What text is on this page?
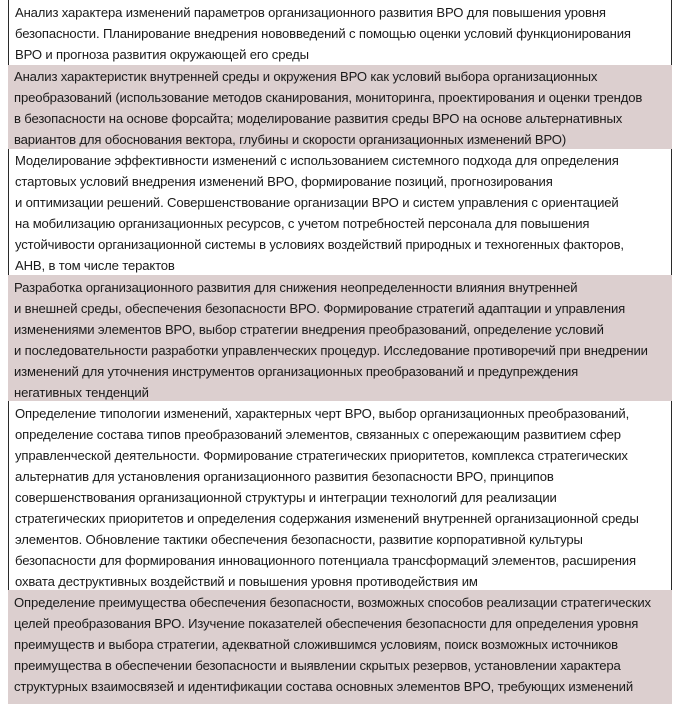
Анализ характера изменений параметров организационного развития ВРО для повышения уровня
безопасности. Планирование внедрения нововведений с помощью оценки условий функционирования
ВРО и прогноза развития окружающей его среды
Анализ характеристик внутренней среды и окружения ВРО как условий выбора организационных
преобразований (использование методов сканирования, мониторинга, проектирования и оценки трендов
в безопасности на основе форсайта; моделирование развития среды ВРО на основе альтернативных
вариантов для обоснования вектора, глубины и скорости организационных изменений ВРО)
Моделирование эффективности изменений с использованием системного подхода для определения
стартовых условий внедрения изменений ВРО, формирование позиций, прогнозирования
и оптимизации решений. Совершенствование организации ВРО и систем управления с ориентацией
на мобилизацию организационных ресурсов, с учетом потребностей персонала для повышения
устойчивости организационной системы в условиях воздействий природных и техногенных факторов,
АНВ, в том числе терактов
Разработка организационного развития для снижения неопределенности влияния внутренней
и внешней среды, обеспечения безопасности ВРО. Формирование стратегий адаптации и управления
изменениями элементов ВРО, выбор стратегии внедрения преобразований, определение условий
и последовательности разработки управленческих процедур. Исследование противоречий при внедрении
изменений для уточнения инструментов организационных преобразований и предупреждения
негативных тенденций
Определение типологии изменений, характерных черт ВРО, выбор организационных преобразований,
определение состава типов преобразований элементов, связанных с опережающим развитием сфер
управленческой деятельности. Формирование стратегических приоритетов, комплекса стратегических
альтернатив для установления организационного развития безопасности ВРО, принципов
совершенствования организационной структуры и интеграции технологий для реализации
стратегических приоритетов и определения содержания изменений внутренней организационной среды
элементов. Обновление тактики обеспечения безопасности, развитие корпоративной культуры
безопасности для формирования инновационного потенциала трансформаций элементов, расширения
охвата деструктивных воздействий и повышения уровня противодействия им
Определение преимущества обеспечения безопасности, возможных способов реализации стратегических
целей преобразования ВРО. Изучение показателей обеспечения безопасности для определения уровня
преимуществ и выбора стратегии, адекватной сложившимся условиям, поиск возможных источников
преимущества в обеспечении безопасности и выявлении скрытых резервов, установлении характера
структурных взаимосвязей и идентификации состава основных элементов ВРО, требующих изменений
